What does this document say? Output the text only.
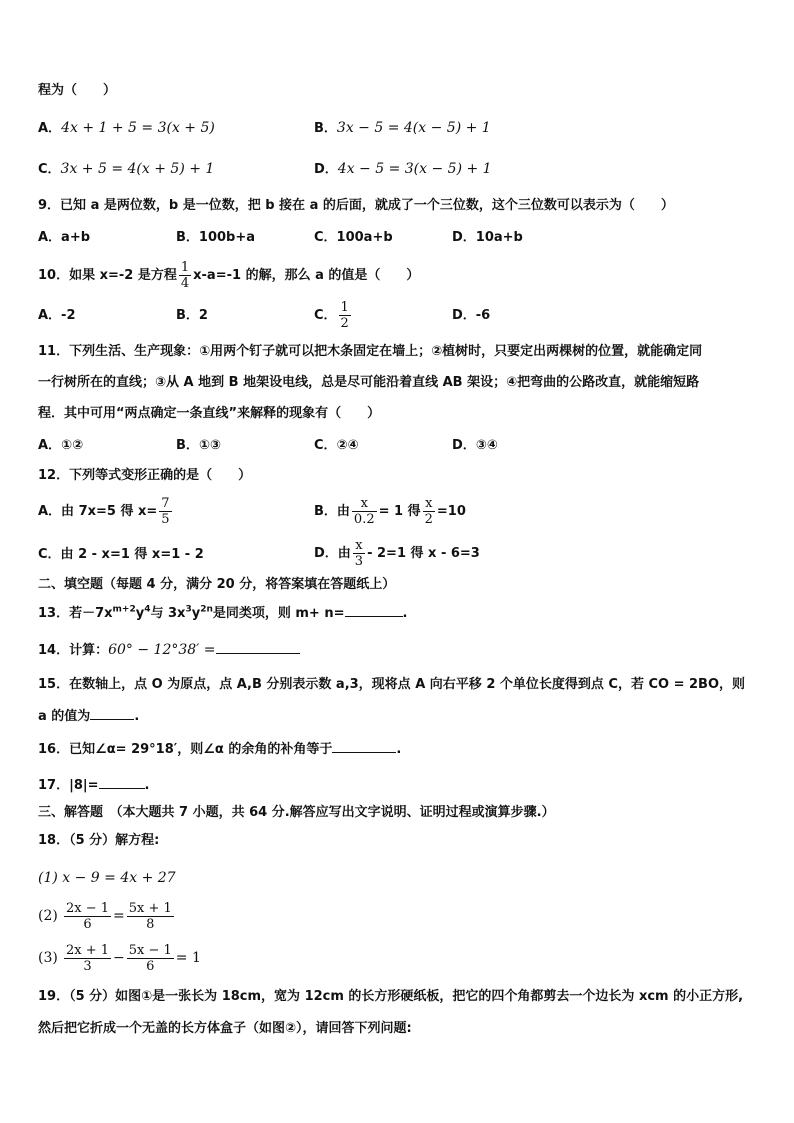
程为（　　）
A．4x + 1 + 5 = 3(x + 5)	B．3x − 5 = 4(x − 5) + 1
C．3x + 5 = 4(x + 5) + 1	D．4x − 5 = 3(x − 5) + 1
9．已知 a 是两位数，b 是一位数，把 b 接在 a 的后面，就成了一个三位数，这个三位数可以表示为（　　）
A．a+b	B．100b+a	C．100a+b	D．10a+b
10．如果 x=-2 是方程 $\frac{1}{4} x-a=-1$ 的解，那么 a 的值是（　　）
A．-2	B．2	C． $\frac{1}{2}$	D．-6
11．下列生活、生产现象：①用两个钉子就可以把木条固定在墙上；②植树时，只要定出两棵树的位置，就能确定同
一行树所在的直线；③从 A 地到 B 地架设电线，总是尽可能沿着直线 AB 架设；④把弯曲的公路改直，就能缩短路
程．其中可用“两点确定一条直线”来解释的现象有（　　）
A．①②	B．①③	C．②④	D．③④
12．下列等式变形正确的是（　　）
A．由 7x=5 得 $x= \frac{7}{5}$	B．由 $\frac{x}{0.2} = 1$ 得 $\frac{x}{2} =10$
C．由 2 - x=1 得 x=1 - 2	D．由 $\frac{x}{3} - 2=1$ 得 x - 6=3
二、填空题（每题 4 分，满分 20 分，将答案填在答题纸上）
13．若$-7x^{m+2}y^4$与 $3x^3y^{2n}$是同类项，则 m+ n=	.
14．计算：60° − 12°38′ =
15．在数轴上，点 O 为原点，点 A,B 分别表示数 a,3，现将点 A 向右平移 2 个单位长度得到点 C，若 CO = 2BO，则
a 的值为	.
16．已知∠α= 29°18′，则∠α 的余角的补角等于	.
17．|8|=	.
三、解答题　（本大题共 7 小题，共 64 分.解答应写出文字说明、证明过程或演算步骤.）
18．（5 分）解方程:
(1) x − 9 = 4x + 27
$(2) \frac{2x - 1}{6} = \frac{5x + 1}{8}$
$(3) \frac{2x + 1}{3} - \frac{5x - 1}{6} = 1$
19．（5 分）如图①是一张长为 18cm，宽为 12cm 的长方形硬纸板，把它的四个角都剪去一个边长为 xcm 的小正方形,
然后把它折成一个无盖的长方体盒子（如图②），请回答下列问题:
